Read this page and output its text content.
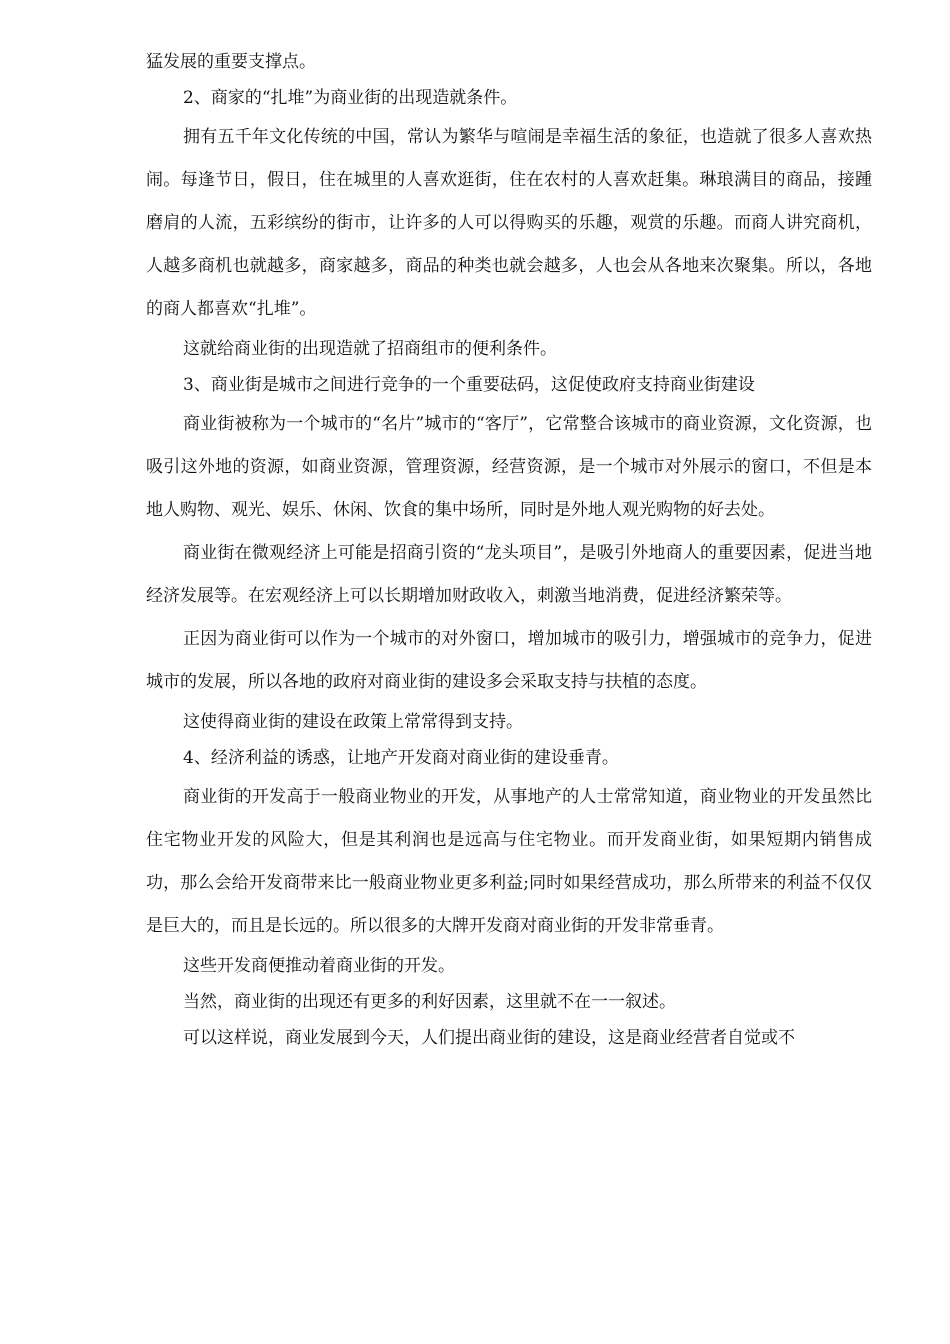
猛发展的重要支撑点。

2、商家的“扎堆”为商业街的出现造就条件。

拥有五千年文化传统的中国，常认为繁华与喧闹是幸福生活的象征，也造就了很多人喜欢热闹。每逢节日，假日，住在城里的人喜欢逛街，住在农村的人喜欢赶集。琳琅满目的商品，接踵磨肩的人流，五彩缤纷的街市，让许多的人可以得购买的乐趣，观赏的乐趣。而商人讲究商机，人越多商机也就越多，商家越多，商品的种类也就会越多，人也会从各地来次聚集。所以，各地的商人都喜欢“扎堆”。

这就给商业街的出现造就了招商组市的便利条件。

3、商业街是城市之间进行竞争的一个重要砝码，这促使政府支持商业街建设

商业街被称为一个城市的“名片”城市的“客厅”，它常整合该城市的商业资源，文化资源，也吸引这外地的资源，如商业资源，管理资源，经营资源，是一个城市对外展示的窗口，不但是本地人购物、观光、娱乐、休闲、饮食的集中场所，同时是外地人观光购物的好去处。

商业街在微观经济上可能是招商引资的“龙头项目”，是吸引外地商人的重要因素，促进当地经济发展等。在宏观经济上可以长期增加财政收入，刺激当地消费，促进经济繁荣等。

正因为商业街可以作为一个城市的对外窗口，增加城市的吸引力，增强城市的竞争力，促进城市的发展，所以各地的政府对商业街的建设多会采取支持与扶植的态度。

这使得商业街的建设在政策上常常得到支持。

4、经济利益的诱惑，让地产开发商对商业街的建设垂青。

商业街的开发高于一般商业物业的开发，从事地产的人士常常知道，商业物业的开发虽然比住宅物业开发的风险大，但是其利润也是远高与住宅物业。而开发商业街，如果短期内销售成功，那么会给开发商带来比一般商业物业更多利益;同时如果经营成功，那么所带来的利益不仅仅是巨大的，而且是长远的。所以很多的大牌开发商对商业街的开发非常垂青。

这些开发商便推动着商业街的开发。

当然，商业街的出现还有更多的利好因素，这里就不在一一叙述。

可以这样说，商业发展到今天，人们提出商业街的建设，这是商业经营者自觉或不
